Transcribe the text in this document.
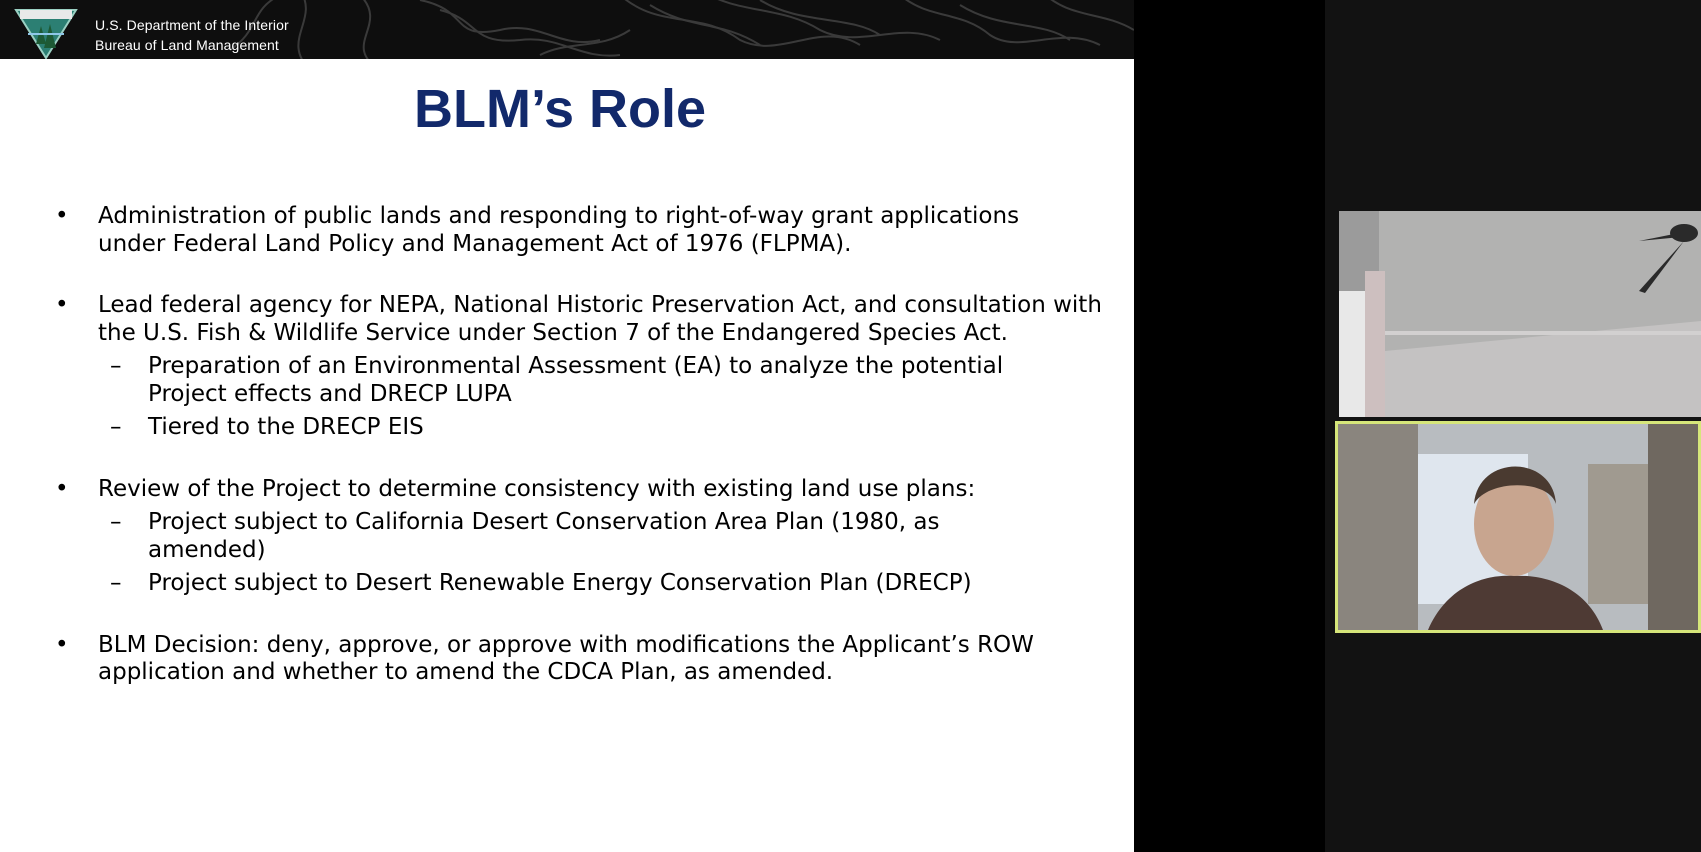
U.S. Department of the Interior
Bureau of Land Management
BLM’s Role
• Administration of public lands and responding to right-of-way grant applications under Federal Land Policy and Management Act of 1976 (FLPMA).
• Lead federal agency for NEPA, National Historic Preservation Act, and consultation with the U.S. Fish & Wildlife Service under Section 7 of the Endangered Species Act.
– Preparation of an Environmental Assessment (EA) to analyze the potential Project effects and DRECP LUPA
– Tiered to the DRECP EIS
• Review of the Project to determine consistency with existing land use plans:
– Project subject to California Desert Conservation Area Plan (1980, as amended)
– Project subject to Desert Renewable Energy Conservation Plan (DRECP)
• BLM Decision: deny, approve, or approve with modifications the Applicant’s ROW application and whether to amend the CDCA Plan, as amended.
